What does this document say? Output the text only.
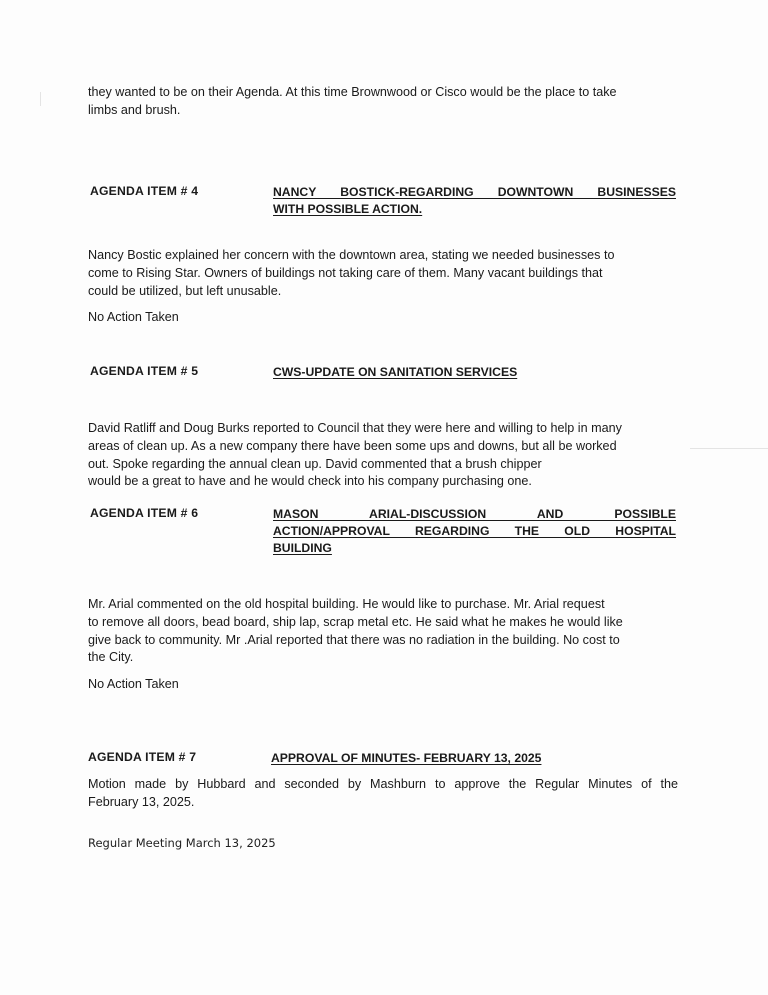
they wanted to be on their Agenda. At this time Brownwood or Cisco would be the place to take
limbs and brush.
AGENDA ITEM # 4	NANCY BOSTICK-REGARDING DOWNTOWN BUSINESSES
WITH POSSIBLE ACTION.
Nancy Bostic explained her concern with the downtown area, stating we needed businesses to
come to Rising Star. Owners of buildings not taking care of them. Many vacant buildings that
could be utilized, but left unusable.
No Action Taken
AGENDA ITEM # 5	CWS-UPDATE ON SANITATION SERVICES
David Ratliff and Doug Burks reported to Council that they were here and willing to help in many
areas of clean up. As a new company there have been some ups and downs, but all be worked
out. Spoke regarding the annual clean up. David commented that a brush chipper
would be a great to have and he would check into his company purchasing one.
AGENDA ITEM # 6	MASON ARIAL-DISCUSSION AND POSSIBLE
ACTION/APPROVAL REGARDING THE OLD HOSPITAL
BUILDING
Mr. Arial commented on the old hospital building. He would like to purchase. Mr. Arial request
to remove all doors, bead board, ship lap, scrap metal etc. He said what he makes he would like
give back to community. Mr .Arial reported that there was no radiation in the building. No cost to
the City.
No Action Taken
AGENDA ITEM # 7	APPROVAL OF MINUTES- FEBRUARY 13, 2025
Motion made by Hubbard and seconded by Mashburn to approve the Regular Minutes of the
February 13, 2025.
Regular Meeting March 13, 2025
